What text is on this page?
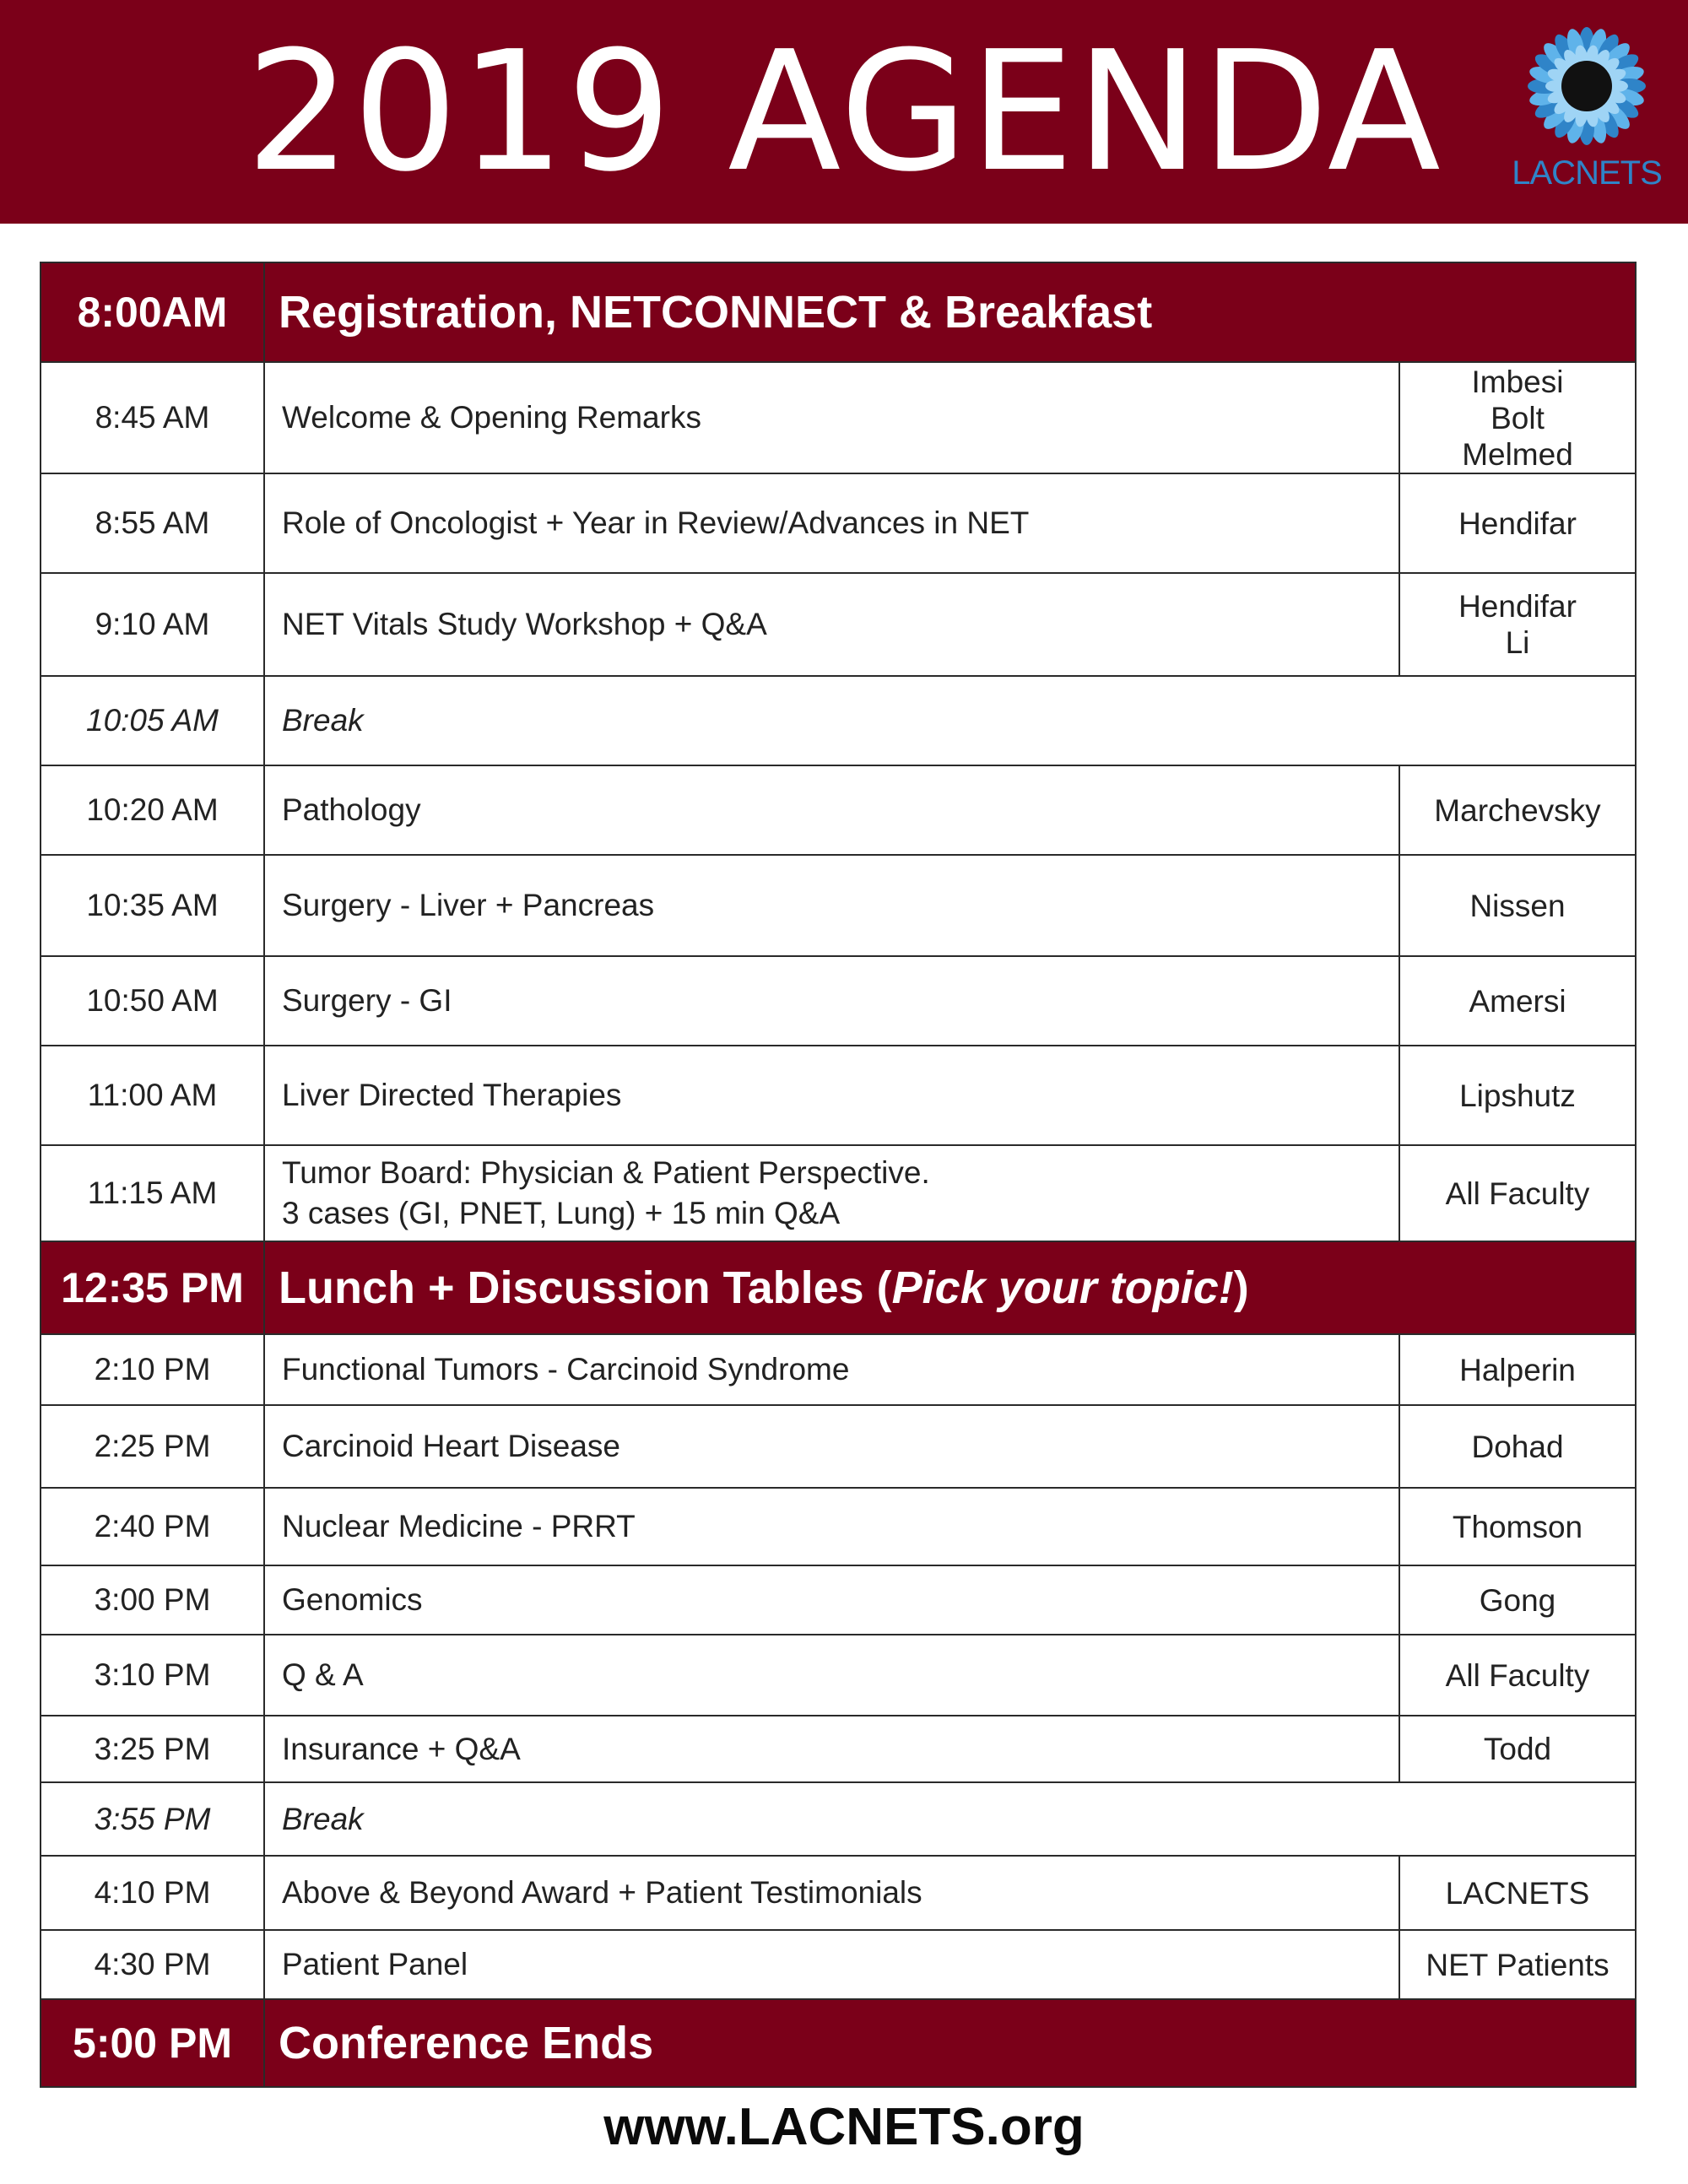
2019 AGENDA	LACNETS
8:00AM	Registration, NETCONNECT & Breakfast	
8:45 AM	Welcome & Opening Remarks	Imbesi
Bolt
Melmed

8:55 AM	Role of Oncologist + Year in Review/Advances in NET	Hendifar

9:10 AM	NET Vitals Study Workshop + Q&A	Hendifar
Li

10:05 AM	Break	
10:20 AM	Pathology	Marchevsky

10:35 AM	Surgery - Liver + Pancreas	Nissen

10:50 AM	Surgery - GI	Amersi

11:00 AM	Liver Directed Therapies	Lipshutz

11:15 AM	Tumor Board: Physician & Patient Perspective.
3 cases (GI, PNET, Lung) + 15 min Q&A	All Faculty

12:35 PM	Lunch + Discussion Tables (Pick your topic!)	
2:10 PM	Functional Tumors - Carcinoid Syndrome	Halperin

2:25 PM	Carcinoid Heart Disease	Dohad

2:40 PM	Nuclear Medicine - PRRT	Thomson

3:00 PM	Genomics	Gong

3:10 PM	Q & A	All Faculty

3:25 PM	Insurance + Q&A	Todd

3:55 PM	Break	
4:10 PM	Above & Beyond Award + Patient Testimonials	LACNETS

4:30 PM	Patient Panel	NET Patients

5:00 PM	Conference Ends	
www.LACNETS.org
